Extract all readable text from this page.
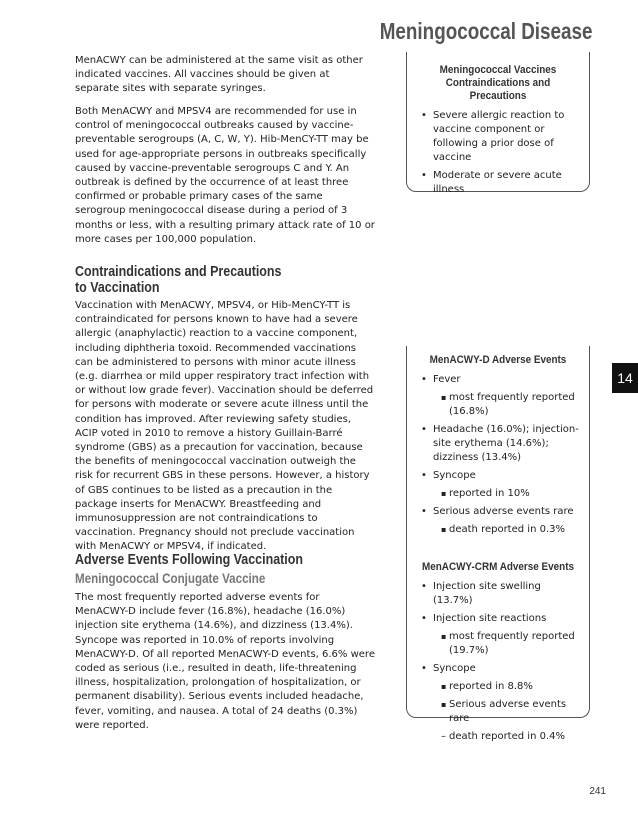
Meningococcal Disease

MenACWY can be administered at the same visit as other indicated vaccines. All vaccines should be given at separate sites with separate syringes.

Both MenACWY and MPSV4 are recommended for use in control of meningococcal outbreaks caused by vaccine-preventable serogroups (A, C, W, Y). Hib-MenCY-TT may be used for age-appropriate persons in outbreaks specifically caused by vaccine-preventable serogroups C and Y. An outbreak is defined by the occurrence of at least three confirmed or probable primary cases of the same serogroup meningococcal disease during a period of 3 months or less, with a resulting primary attack rate of 10 or more cases per 100,000 population.

Contraindications and Precautions
to Vaccination

Vaccination with MenACWY, MPSV4, or Hib-MenCY-TT is contraindicated for persons known to have had a severe allergic (anaphylactic) reaction to a vaccine component, including diphtheria toxoid. Recommended vaccinations can be administered to persons with minor acute illness (e.g. diarrhea or mild upper respiratory tract infection with or without low grade fever). Vaccination should be deferred for persons with moderate or severe acute illness until the condition has improved. After reviewing safety studies, ACIP voted in 2010 to remove a history Guillain-Barré syndrome (GBS) as a precaution for vaccination, because the benefits of meningococcal vaccination outweigh the risk for recurrent GBS in these persons. However, a history of GBS continues to be listed as a precaution in the package inserts for MenACWY. Breastfeeding and immunosuppression are not contraindications to vaccination. Pregnancy should not preclude vaccination with MenACWY or MPSV4, if indicated.

Adverse Events Following Vaccination
Meningococcal Conjugate Vaccine

The most frequently reported adverse events for MenACWY-D include fever (16.8%), headache (16.0%) injection site erythema (14.6%), and dizziness (13.4%). Syncope was reported in 10.0% of reports involving MenACWY-D. Of all reported MenACWY-D events, 6.6% were coded as serious (i.e., resulted in death, life-threatening illness, hospitalization, prolongation of hospitalization, or permanent disability). Serious events included headache, fever, vomiting, and nausea. A total of 24 deaths (0.3%) were reported.

Meningococcal Vaccines
Contraindications and Precautions
• Severe allergic reaction to vaccine component or following a prior dose of vaccine
• Moderate or severe acute illness
MenACWY-D Adverse Events
• Fever
▪ most frequently reported (16.8%)
• Headache (16.0%); injection-site erythema (14.6%); dizziness (13.4%)
• Syncope
▪ reported in 10%
• Serious adverse events rare
▪ death reported in 0.3%
MenACWY-CRM Adverse Events
• Injection site swelling (13.7%)
• Injection site reactions
▪ most frequently reported (19.7%)
• Syncope
▪ reported in 8.8%
▪ Serious adverse events rare
– death reported in 0.4%
14
241
